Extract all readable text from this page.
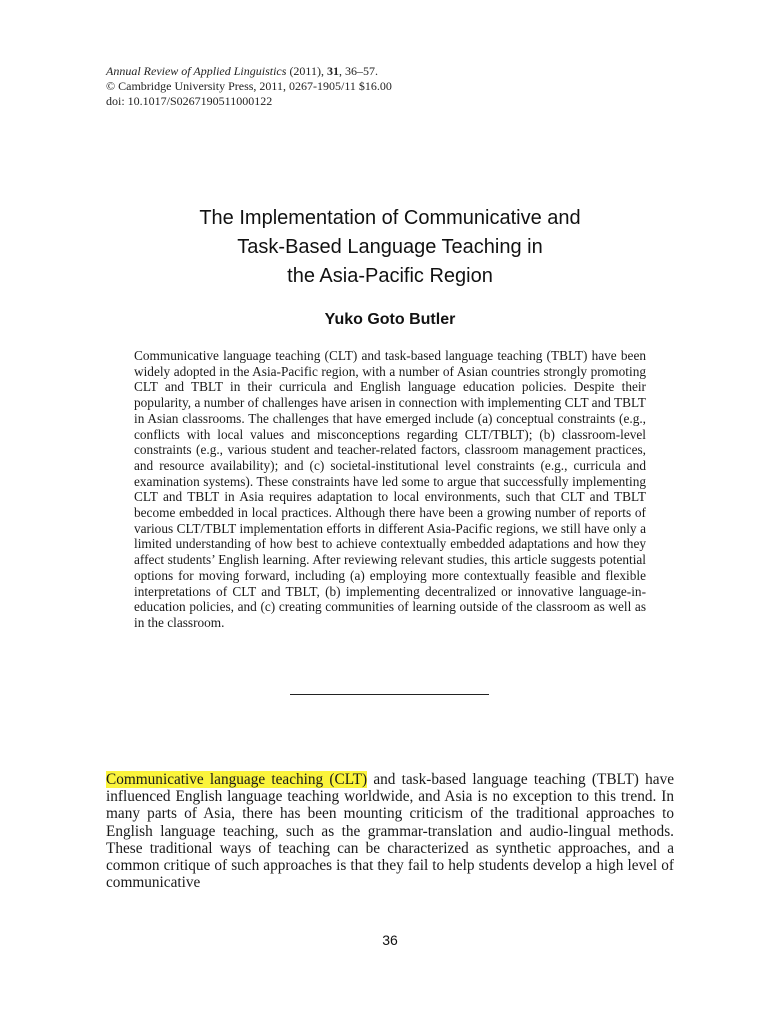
Annual Review of Applied Linguistics (2011), 31, 36–57.
© Cambridge University Press, 2011, 0267-1905/11 $16.00
doi: 10.1017/S0267190511000122
The Implementation of Communicative and
Task-Based Language Teaching in
the Asia-Pacific Region
Yuko Goto Butler
Communicative language teaching (CLT) and task-based language teaching (TBLT) have been widely adopted in the Asia-Pacific region, with a number of Asian countries strongly promoting CLT and TBLT in their curricula and English language education policies. Despite their popularity, a number of challenges have arisen in connection with implementing CLT and TBLT in Asian classrooms. The challenges that have emerged include (a) conceptual constraints (e.g., conflicts with local values and misconceptions regarding CLT/TBLT); (b) classroom-level constraints (e.g., various student and teacher-related factors, classroom management practices, and resource availability); and (c) societal-institutional level constraints (e.g., curricula and examination systems). These constraints have led some to argue that successfully implementing CLT and TBLT in Asia requires adaptation to local environments, such that CLT and TBLT become embedded in local practices. Although there have been a growing number of reports of various CLT/TBLT implementation efforts in different Asia-Pacific regions, we still have only a limited understanding of how best to achieve contextually embedded adaptations and how they affect students’ English learning. After reviewing relevant studies, this article suggests potential options for moving forward, including (a) employing more contextually feasible and flexible interpretations of CLT and TBLT, (b) implementing decentralized or innovative language-in-education policies, and (c) creating communities of learning outside of the classroom as well as in the classroom.
Communicative language teaching (CLT) and task-based language teaching (TBLT) have influenced English language teaching worldwide, and Asia is no exception to this trend. In many parts of Asia, there has been mounting criticism of the traditional approaches to English language teaching, such as the grammar-translation and audio-lingual methods. These traditional ways of teaching can be characterized as synthetic approaches, and a common critique of such approaches is that they fail to help students develop a high level of communicative
36
